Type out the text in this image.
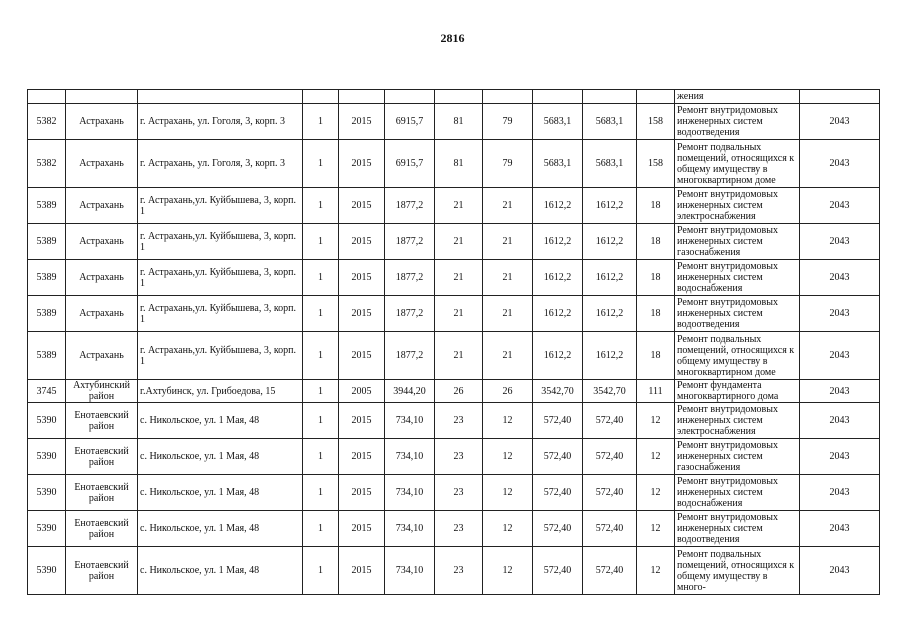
2816
											жения	
5382	Астрахань	г. Астрахань, ул. Гоголя, 3, корп. 3	1	2015	6915,7	81	79	5683,1	5683,1	158	Ремонт внутридомовых инженерных систем водоотведения	2043
5382	Астрахань	г. Астрахань, ул. Гоголя, 3, корп. 3	1	2015	6915,7	81	79	5683,1	5683,1	158	Ремонт подвальных помещений, относящихся к общему имуществу в многоквартирном доме	2043
5389	Астрахань	г. Астрахань,ул. Куйбышева, 3, корп. 1	1	2015	1877,2	21	21	1612,2	1612,2	18	Ремонт внутридомовых инженерных систем электроснабжения	2043
5389	Астрахань	г. Астрахань,ул. Куйбышева, 3, корп. 1	1	2015	1877,2	21	21	1612,2	1612,2	18	Ремонт внутридомовых инженерных систем газоснабжения	2043
5389	Астрахань	г. Астрахань,ул. Куйбышева, 3, корп. 1	1	2015	1877,2	21	21	1612,2	1612,2	18	Ремонт внутридомовых инженерных систем водоснабжения	2043
5389	Астрахань	г. Астрахань,ул. Куйбышева, 3, корп. 1	1	2015	1877,2	21	21	1612,2	1612,2	18	Ремонт внутридомовых инженерных систем водоотведения	2043
5389	Астрахань	г. Астрахань,ул. Куйбышева, 3, корп. 1	1	2015	1877,2	21	21	1612,2	1612,2	18	Ремонт подвальных помещений, относящихся к общему имуществу в многоквартирном доме	2043
3745	Ахтубинский район	г.Ахтубинск, ул. Грибоедова, 15	1	2005	3944,20	26	26	3542,70	3542,70	111	Ремонт фундамента многоквартирного дома	2043
5390	Енотаевский район	с. Никольское, ул. 1 Мая, 48	1	2015	734,10	23	12	572,40	572,40	12	Ремонт внутридомовых инженерных систем электроснабжения	2043
5390	Енотаевский район	с. Никольское, ул. 1 Мая, 48	1	2015	734,10	23	12	572,40	572,40	12	Ремонт внутридомовых инженерных систем газоснабжения	2043
5390	Енотаевский район	с. Никольское, ул. 1 Мая, 48	1	2015	734,10	23	12	572,40	572,40	12	Ремонт внутридомовых инженерных систем водоснабжения	2043
5390	Енотаевский район	с. Никольское, ул. 1 Мая, 48	1	2015	734,10	23	12	572,40	572,40	12	Ремонт внутридомовых инженерных систем водоотведения	2043
5390	Енотаевский район	с. Никольское, ул. 1 Мая, 48	1	2015	734,10	23	12	572,40	572,40	12	Ремонт подвальных помещений, относящихся к общему имуществу в много-	2043
